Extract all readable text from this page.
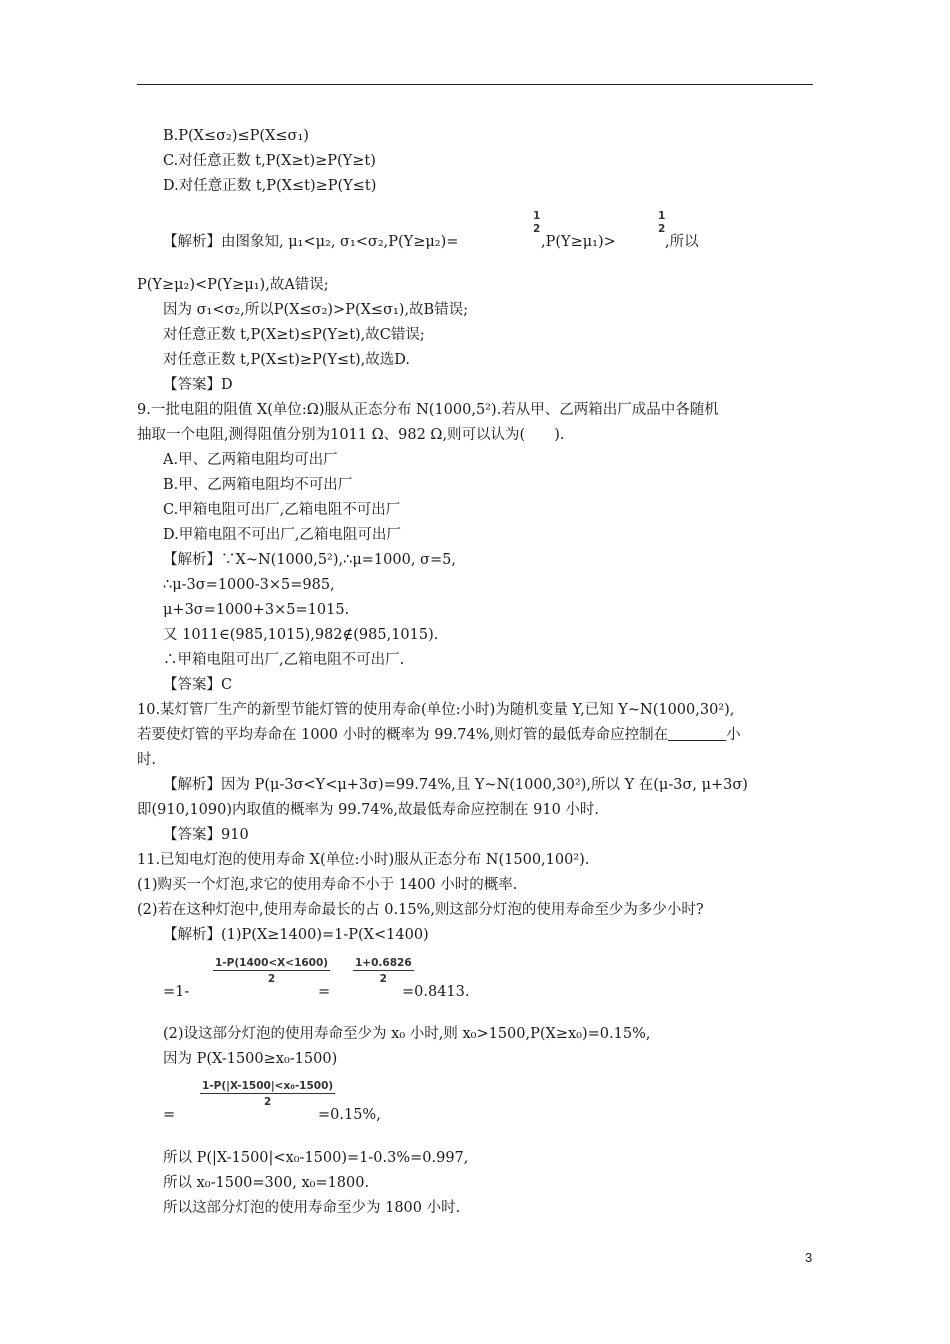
B.P(X≤σ₂)≤P(X≤σ₁)
C.对任意正数 t,P(X≥t)≥P(Y≥t)
D.对任意正数 t,P(X≤t)≥P(Y≤t)
【解析】由图象知, μ₁<μ₂, σ₁<σ₂,P(Y≥μ₂)=
1
2
,P(Y≥μ₁)>
1
2
,所以
P(Y≥μ₂)<P(Y≥μ₁),故A错误;
因为 σ₁<σ₂,所以P(X≤σ₂)>P(X≤σ₁),故B错误;
对任意正数 t,P(X≥t)≤P(Y≥t),故C错误;
对任意正数 t,P(X≤t)≥P(Y≤t),故选D.
【答案】D
9.一批电阻的阻值 X(单位:Ω)服从正态分布 N(1000,5²).若从甲、乙两箱出厂成品中各随机
抽取一个电阻,测得阻值分别为1011 Ω、982 Ω,则可以认为(　　).
A.甲、乙两箱电阻均可出厂
B.甲、乙两箱电阻均不可出厂
C.甲箱电阻可出厂,乙箱电阻不可出厂
D.甲箱电阻不可出厂,乙箱电阻可出厂
【解析】∵X~N(1000,5²),∴μ=1000, σ=5,
∴μ-3σ=1000-3×5=985,
μ+3σ=1000+3×5=1015.
又 1011∈(985,1015),982∉(985,1015).
∴甲箱电阻可出厂,乙箱电阻不可出厂.
【答案】C
10.某灯管厂生产的新型节能灯管的使用寿命(单位:小时)为随机变量 Y,已知 Y~N(1000,30²),
若要使灯管的平均寿命在 1000 小时的概率为 99.74%,则灯管的最低寿命应控制在	小
时.
【解析】因为 P(μ-3σ<Y<μ+3σ)=99.74%,且 Y~N(1000,30²),所以 Y 在(μ-3σ, μ+3σ)
即(910,1090)内取值的概率为 99.74%,故最低寿命应控制在 910 小时.
【答案】910
11.已知电灯泡的使用寿命 X(单位:小时)服从正态分布 N(1500,100²).
(1)购买一个灯泡,求它的使用寿命不小于 1400 小时的概率.
(2)若在这种灯泡中,使用寿命最长的占 0.15%,则这部分灯泡的使用寿命至少为多少小时?
【解析】(1)P(X≥1400)=1-P(X<1400)
=1-
$\frac{1-P(1400<X<1600)}{2}$
=
$\frac{1+0.6826}{2}$
=0.8413.
(2)设这部分灯泡的使用寿命至少为 x₀ 小时,则 x₀>1500,P(X≥x₀)=0.15%,
因为 P(X-1500≥x₀-1500)
=
$\frac{\text{1-P(|X-1500|<x₀-1500)}}{2}$
=0.15%,
所以 P(|X-1500|<x₀-1500)=1-0.3%=0.997,
所以 x₀-1500=300, x₀=1800.
所以这部分灯泡的使用寿命至少为 1800 小时.
3
